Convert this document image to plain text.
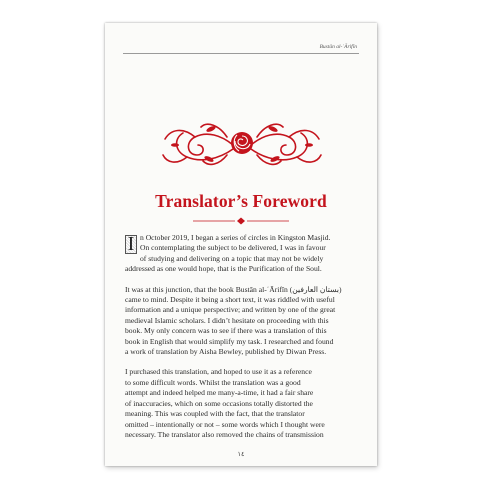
Bustān al-ʿĀrifīn
Translator’s Foreword
I n October 2019, I began a series of circles in Kingston Masjid.
On contemplating the subject to be delivered, I was in favour
of studying and delivering on a topic that may not be widely
addressed as one would hope, that is the Purification of the Soul.
It was at this junction, that the book Bustān al-ʿĀrifīn (بستان العارفين)
came to mind. Despite it being a short text, it was riddled with useful
information and a unique perspective; and written by one of the great
medieval Islamic scholars. I didn’t hesitate on proceeding with this
book. My only concern was to see if there was a translation of this
book in English that would simplify my task. I researched and found
a work of translation by Aisha Bewley, published by Diwan Press.
I purchased this translation, and hoped to use it as a reference
to some difficult words. Whilst the translation was a good
attempt and indeed helped me many-a-time, it had a fair share
of inaccuracies, which on some occasions totally distorted the
meaning. This was coupled with the fact, that the translator
omitted – intentionally or not – some words which I thought were
necessary. The translator also removed the chains of transmission
١٤
